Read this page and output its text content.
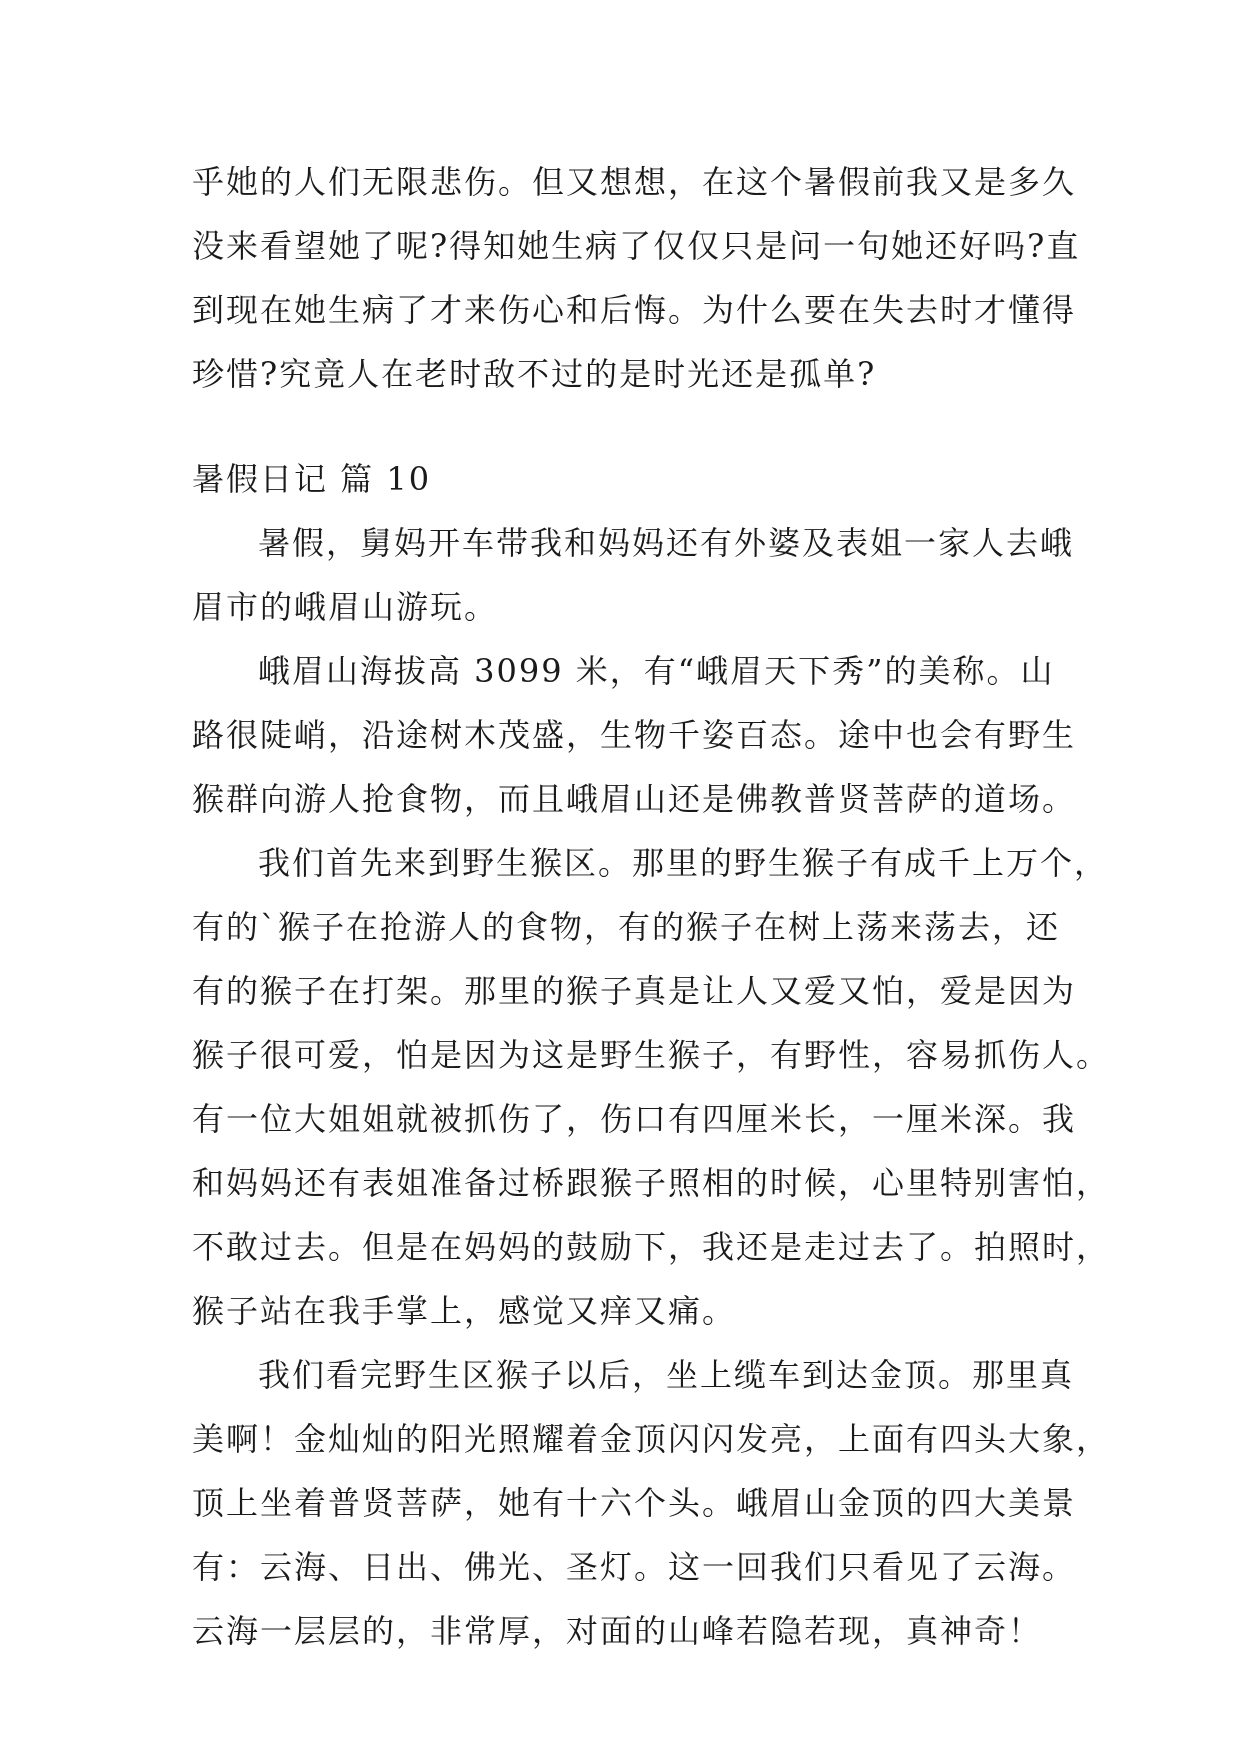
乎她的人们无限悲伤。但又想想，在这个暑假前我又是多久
没来看望她了呢?得知她生病了仅仅只是问一句她还好吗?直
到现在她生病了才来伤心和后悔。为什么要在失去时才懂得
珍惜?究竟人在老时敌不过的是时光还是孤单?
暑假日记 篇 10
暑假，舅妈开车带我和妈妈还有外婆及表姐一家人去峨
眉市的峨眉山游玩。
峨眉山海拔高 3099 米，有“峨眉天下秀”的美称。山
路很陡峭，沿途树木茂盛，生物千姿百态。途中也会有野生
猴群向游人抢食物，而且峨眉山还是佛教普贤菩萨的道场。
我们首先来到野生猴区。那里的野生猴子有成千上万个，
有的`猴子在抢游人的食物，有的猴子在树上荡来荡去，还
有的猴子在打架。那里的猴子真是让人又爱又怕，爱是因为
猴子很可爱，怕是因为这是野生猴子，有野性，容易抓伤人。
有一位大姐姐就被抓伤了，伤口有四厘米长，一厘米深。我
和妈妈还有表姐准备过桥跟猴子照相的时候，心里特别害怕，
不敢过去。但是在妈妈的鼓励下，我还是走过去了。拍照时，
猴子站在我手掌上，感觉又痒又痛。
我们看完野生区猴子以后，坐上缆车到达金顶。那里真
美啊！金灿灿的阳光照耀着金顶闪闪发亮，上面有四头大象，
顶上坐着普贤菩萨，她有十六个头。峨眉山金顶的四大美景
有：云海、日出、佛光、圣灯。这一回我们只看见了云海。
云海一层层的，非常厚，对面的山峰若隐若现，真神奇！
